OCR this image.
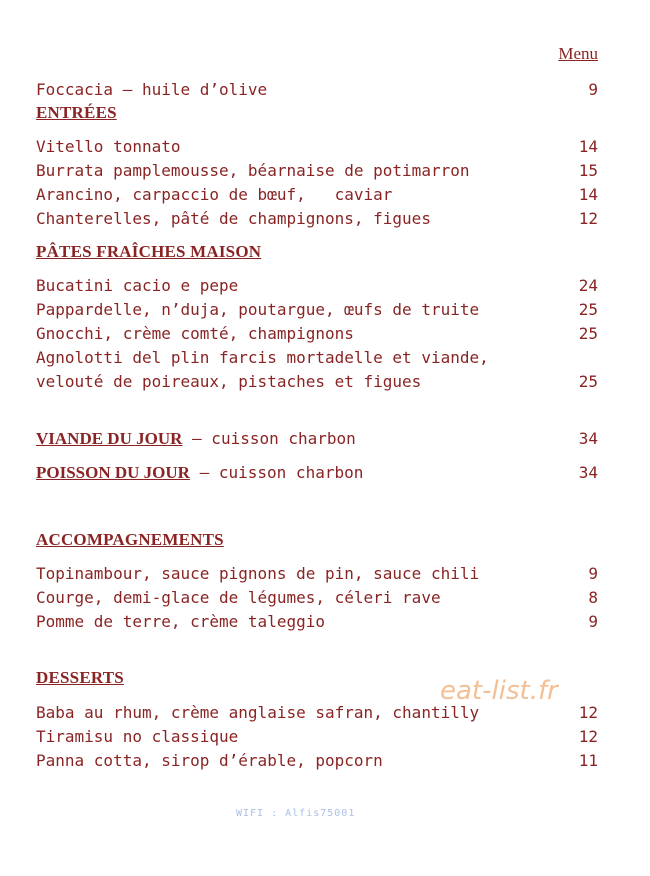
Menu
Foccacia – huile d’olive	9
ENTRÉES
Vitello tonnato	14
Burrata pamplemousse, béarnaise de potimarron	15
Arancino, carpaccio de bœuf,   caviar	14
Chanterelles, pâté de champignons, figues	12
PÂTES FRAÎCHES MAISON
Bucatini cacio e pepe	24
Pappardelle, n’duja, poutargue, œufs de truite	25
Gnocchi, crème comté, champignons	25
Agnolotti del plin farcis mortadelle et viande,
velouté de poireaux, pistaches et figues	25
VIANDE DU JOUR – cuisson charbon	34
POISSON DU JOUR – cuisson charbon	34
ACCOMPAGNEMENTS
Topinambour, sauce pignons de pin, sauce chili	9
Courge, demi-glace de légumes, céleri rave	8
Pomme de terre, crème taleggio	9
DESSERTS
Baba au rhum, crème anglaise safran, chantilly	12
Tiramisu no classique	12
Panna cotta, sirop d’érable, popcorn	11
eat-list.fr
WIFI : Alfis75001
